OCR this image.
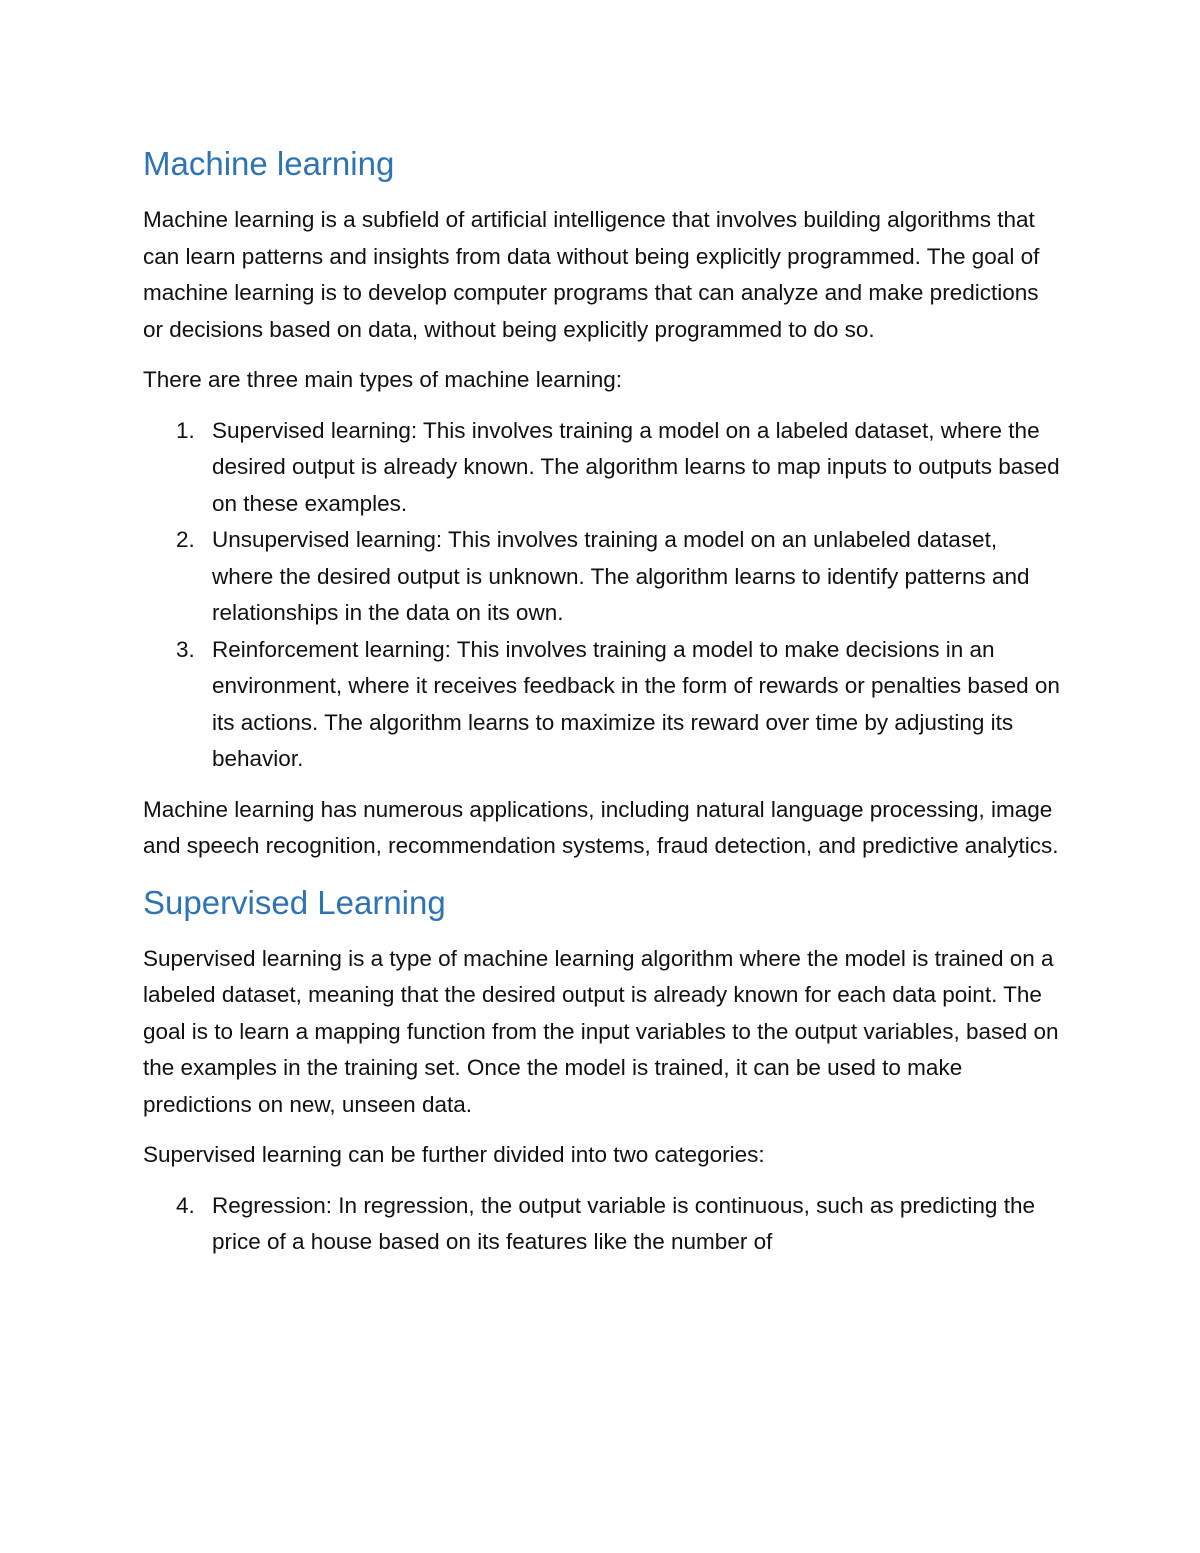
Machine learning

Machine learning is a subfield of artificial intelligence that involves building algorithms that can learn patterns and insights from data without being explicitly programmed. The goal of machine learning is to develop computer programs that can analyze and make predictions or decisions based on data, without being explicitly programmed to do so.

There are three main types of machine learning:

1. Supervised learning: This involves training a model on a labeled dataset, where the desired output is already known. The algorithm learns to map inputs to outputs based on these examples.
2. Unsupervised learning: This involves training a model on an unlabeled dataset, where the desired output is unknown. The algorithm learns to identify patterns and relationships in the data on its own.
3. Reinforcement learning: This involves training a model to make decisions in an environment, where it receives feedback in the form of rewards or penalties based on its actions. The algorithm learns to maximize its reward over time by adjusting its behavior.

Machine learning has numerous applications, including natural language processing, image and speech recognition, recommendation systems, fraud detection, and predictive analytics.

Supervised Learning

Supervised learning is a type of machine learning algorithm where the model is trained on a labeled dataset, meaning that the desired output is already known for each data point. The goal is to learn a mapping function from the input variables to the output variables, based on the examples in the training set. Once the model is trained, it can be used to make predictions on new, unseen data.

Supervised learning can be further divided into two categories:

4. Regression: In regression, the output variable is continuous, such as predicting the price of a house based on its features like the number of
